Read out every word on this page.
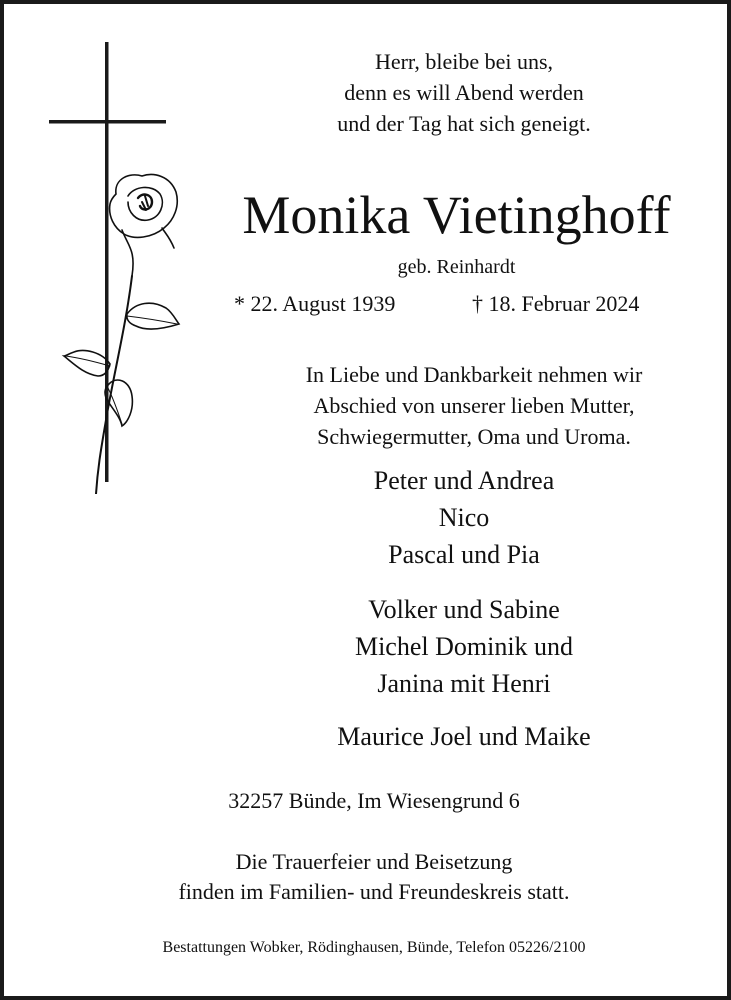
Herr, bleibe bei uns,
denn es will Abend werden
und der Tag hat sich geneigt.
Monika Vietinghoff
geb. Reinhardt
* 22. August 1939	† 18. Februar 2024
In Liebe und Dankbarkeit nehmen wir
Abschied von unserer lieben Mutter,
Schwiegermutter, Oma und Uroma.
Peter und Andrea
Nico
Pascal und Pia
Volker und Sabine
Michel Dominik und
Janina mit Henri
Maurice Joel und Maike
32257 Bünde, Im Wiesengrund 6
Die Trauerfeier und Beisetzung
finden im Familien- und Freundeskreis statt.
Bestattungen Wobker, Rödinghausen, Bünde, Telefon 05226/2100
